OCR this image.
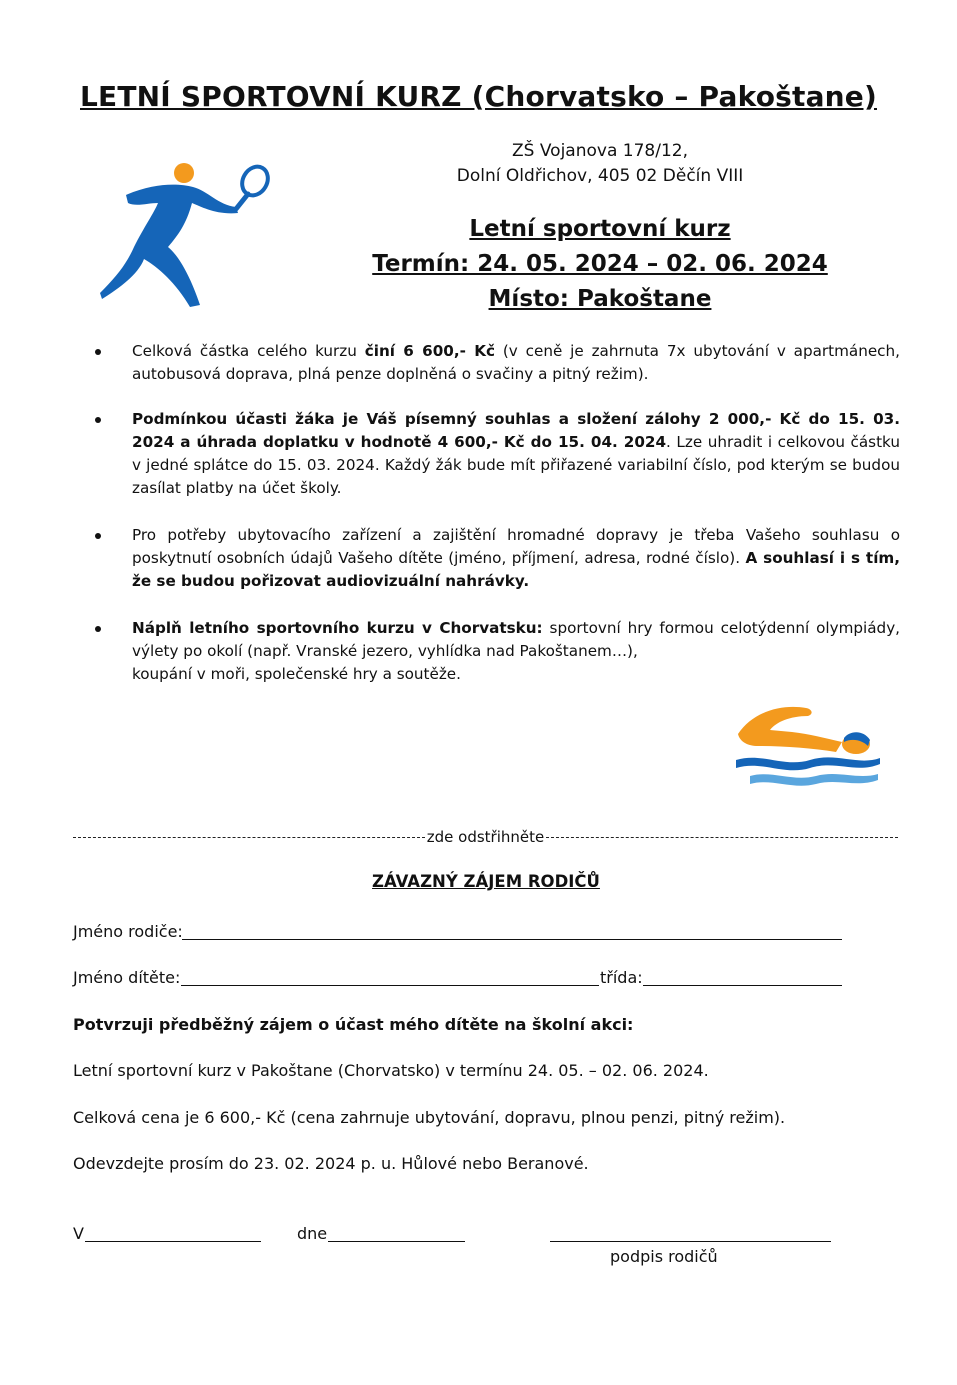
LETNÍ SPORTOVNÍ KURZ (Chorvatsko – Pakoštane)
ZŠ Vojanova 178/12,
Dolní Oldřichov, 405 02 Děčín VIII
Letní sportovní kurz
Termín: 24. 05. 2024 – 02. 06. 2024
Místo: Pakoštane

Celková částka celého kurzu činí 6 600,- Kč (v ceně je zahrnuta 7x ubytování v apartmánech, autobusová doprava, plná penze doplněná o svačiny a pitný režim).

Podmínkou účasti žáka je Váš písemný souhlas a složení zálohy 2 000,- Kč do 15. 03. 2024 a úhrada doplatku v hodnotě 4 600,- Kč do 15. 04. 2024. Lze uhradit i celkovou částku v jedné splátce do 15. 03. 2024. Každý žák bude mít přiřazené variabilní číslo, pod kterým se budou zasílat platby na účet školy.

Pro potřeby ubytovacího zařízení a zajištění hromadné dopravy je třeba Vašeho souhlasu o poskytnutí osobních údajů Vašeho dítěte (jméno, příjmení, adresa, rodné číslo). A souhlasí i s tím, že se budou pořizovat audiovizuální nahrávky.

Náplň letního sportovního kurzu v Chorvatsku: sportovní hry formou celotýdenní olympiády, výlety po okolí (např. Vranské jezero, vyhlídka nad Pakoštanem…),
koupání v moři, společenské hry a soutěže.

zde odstřihněte
ZÁVAZNÝ ZÁJEM RODIČŮ
Jméno rodiče:
Jméno dítěte:	třída:
Potvrzuji předběžný zájem o účast mého dítěte na školní akci:
Letní sportovní kurz v Pakoštane (Chorvatsko) v termínu 24. 05. – 02. 06. 2024.
Celková cena je 6 600,- Kč (cena zahrnuje ubytování, dopravu, plnou penzi, pitný režim).
Odevzdejte prosím do 23. 02. 2024 p. u. Hůlové nebo Beranové.
V	dne
podpis rodičů
